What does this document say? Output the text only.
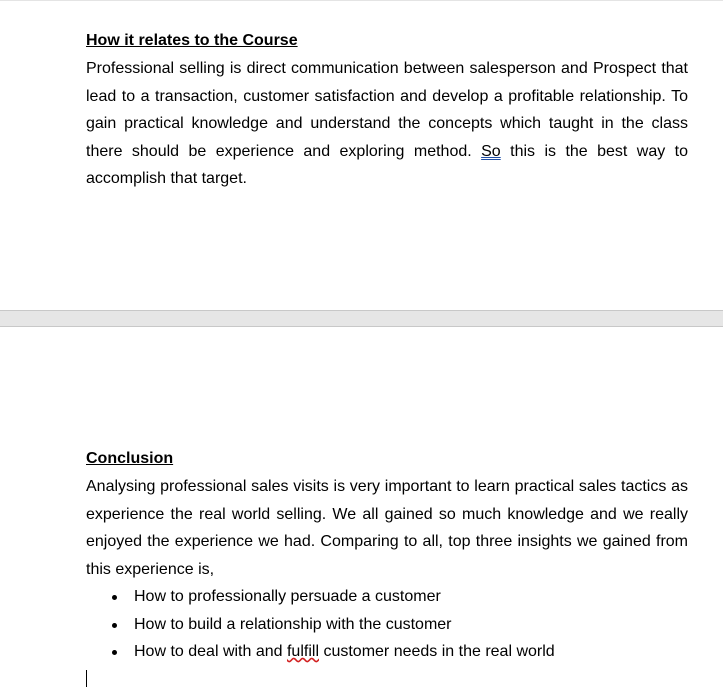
How it relates to the Course

Professional selling is direct communication between salesperson and Prospect that lead to a transaction, customer satisfaction and develop a profitable relationship. To gain practical knowledge and understand the concepts which taught in the class there should be experience and exploring method. So this is the best way to accomplish that target.

Conclusion

Analysing professional sales visits is very important to learn practical sales tactics as experience the real world selling. We all gained so much knowledge and we really enjoyed the experience we had. Comparing to all, top three insights we gained from this experience is,

How to professionally persuade a customer
How to build a relationship with the customer
How to deal with and fulfill customer needs in the real world
